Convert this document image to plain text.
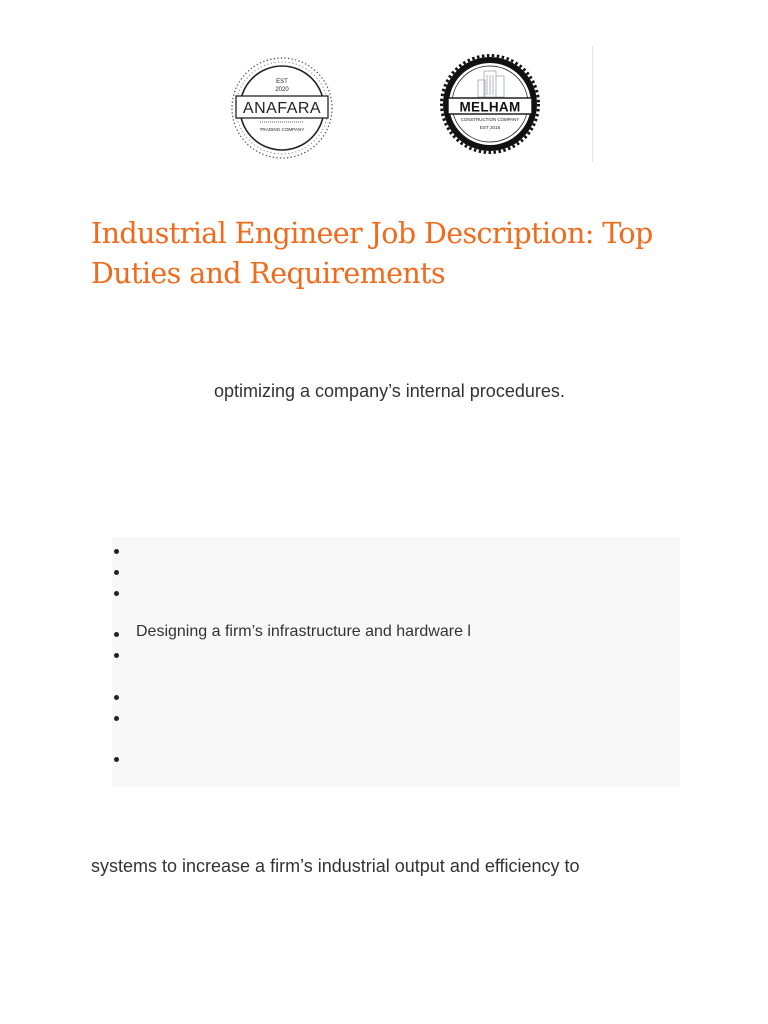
EST
2020
ANAFARA
TRADING COMPANY
MELHAM
CONSTRUCTION COMPANY
EST 2016
Industrial Engineer Job Description: Top Duties and Requirements
optimizing a company’s internal procedures.
Designing a firm’s infrastructure and hardware l
systems to increase a firm’s industrial output and efficiency to
